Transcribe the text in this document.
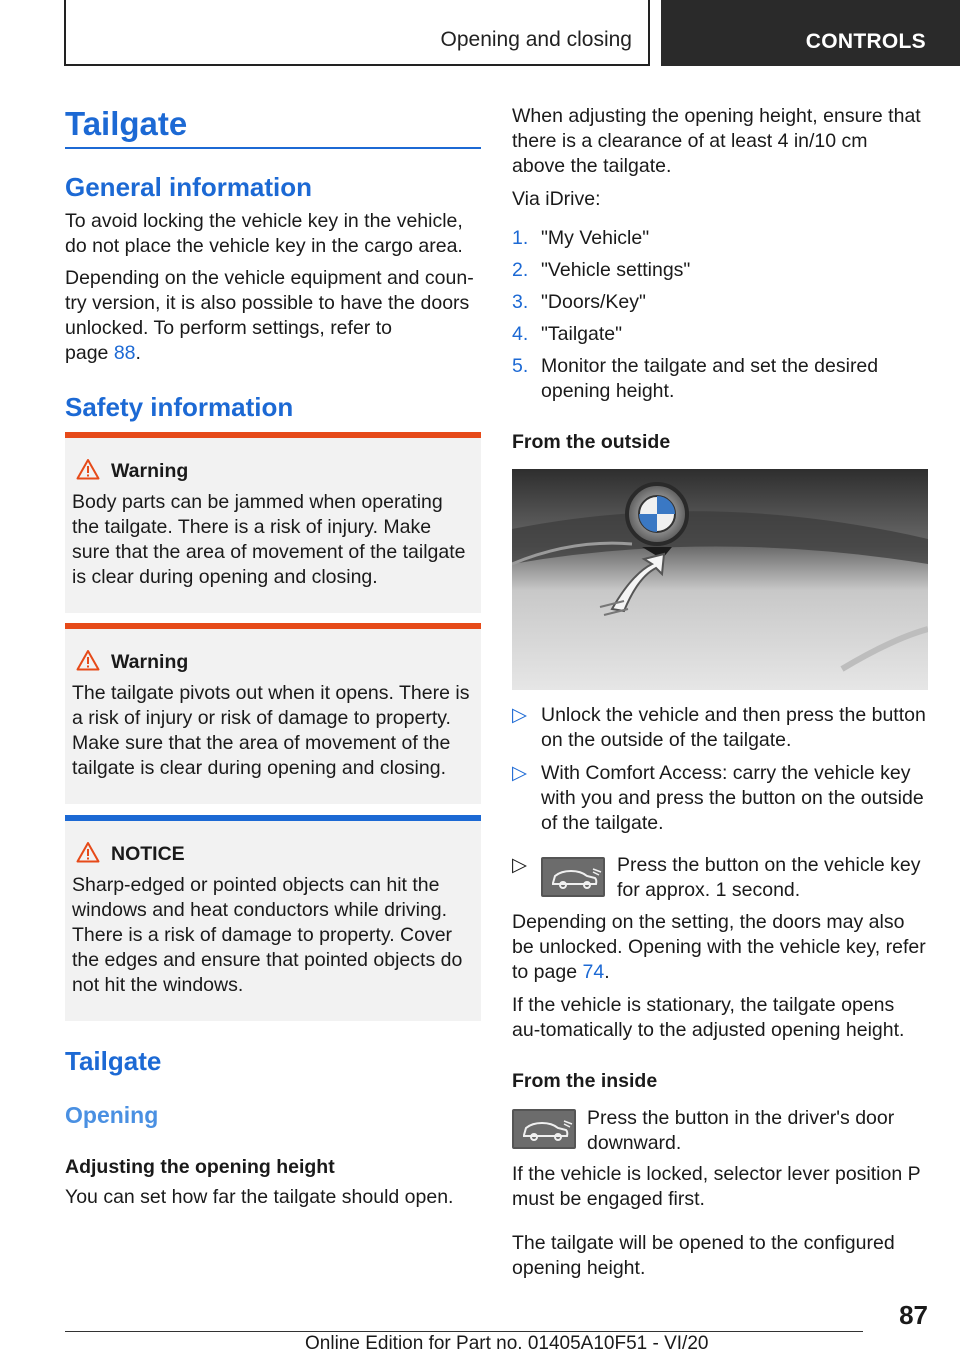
Opening and closing	CONTROLS
Tailgate
General information
To avoid locking the vehicle key in the vehicle, do not place the vehicle key in the cargo area.
Depending on the vehicle equipment and coun-
try version, it is also possible to have the doors
unlocked. To perform settings, refer to
page 88.
Safety information
Warning
Body parts can be jammed when operating the tailgate. There is a risk of injury. Make sure that the area of movement of the tailgate is clear during opening and closing.
Warning
The tailgate pivots out when it opens. There is a risk of injury or risk of damage to property. Make sure that the area of movement of the tailgate is clear during opening and closing.
NOTICE
Sharp-edged or pointed objects can hit the windows and heat conductors while driving. There is a risk of damage to property. Cover the edges and ensure that pointed objects do not hit the windows.
Tailgate
Opening
Adjusting the opening height
You can set how far the tailgate should open.
When adjusting the opening height, ensure that there is a clearance of at least 4 in/10 cm above the tailgate.
Via iDrive:
1. "My Vehicle"
2. "Vehicle settings"
3. "Doors/Key"
4. "Tailgate"
5. Monitor the tailgate and set the desired opening height.
From the outside
▷ Unlock the vehicle and then press the button on the outside of the tailgate.
▷ With Comfort Access: carry the vehicle key with you and press the button on the outside of the tailgate.
▷	Press the button on the vehicle key for approx. 1 second.
Depending on the setting, the doors may also be unlocked. Opening with the vehicle key, refer to page 74.
If the vehicle is stationary, the tailgate opens au-tomatically to the adjusted opening height.
From the inside
Press the button in the driver's door downward.
If the vehicle is locked, selector lever position P must be engaged first.
The tailgate will be opened to the configured opening height.
87
Online Edition for Part no. 01405A10F51 - VI/20
